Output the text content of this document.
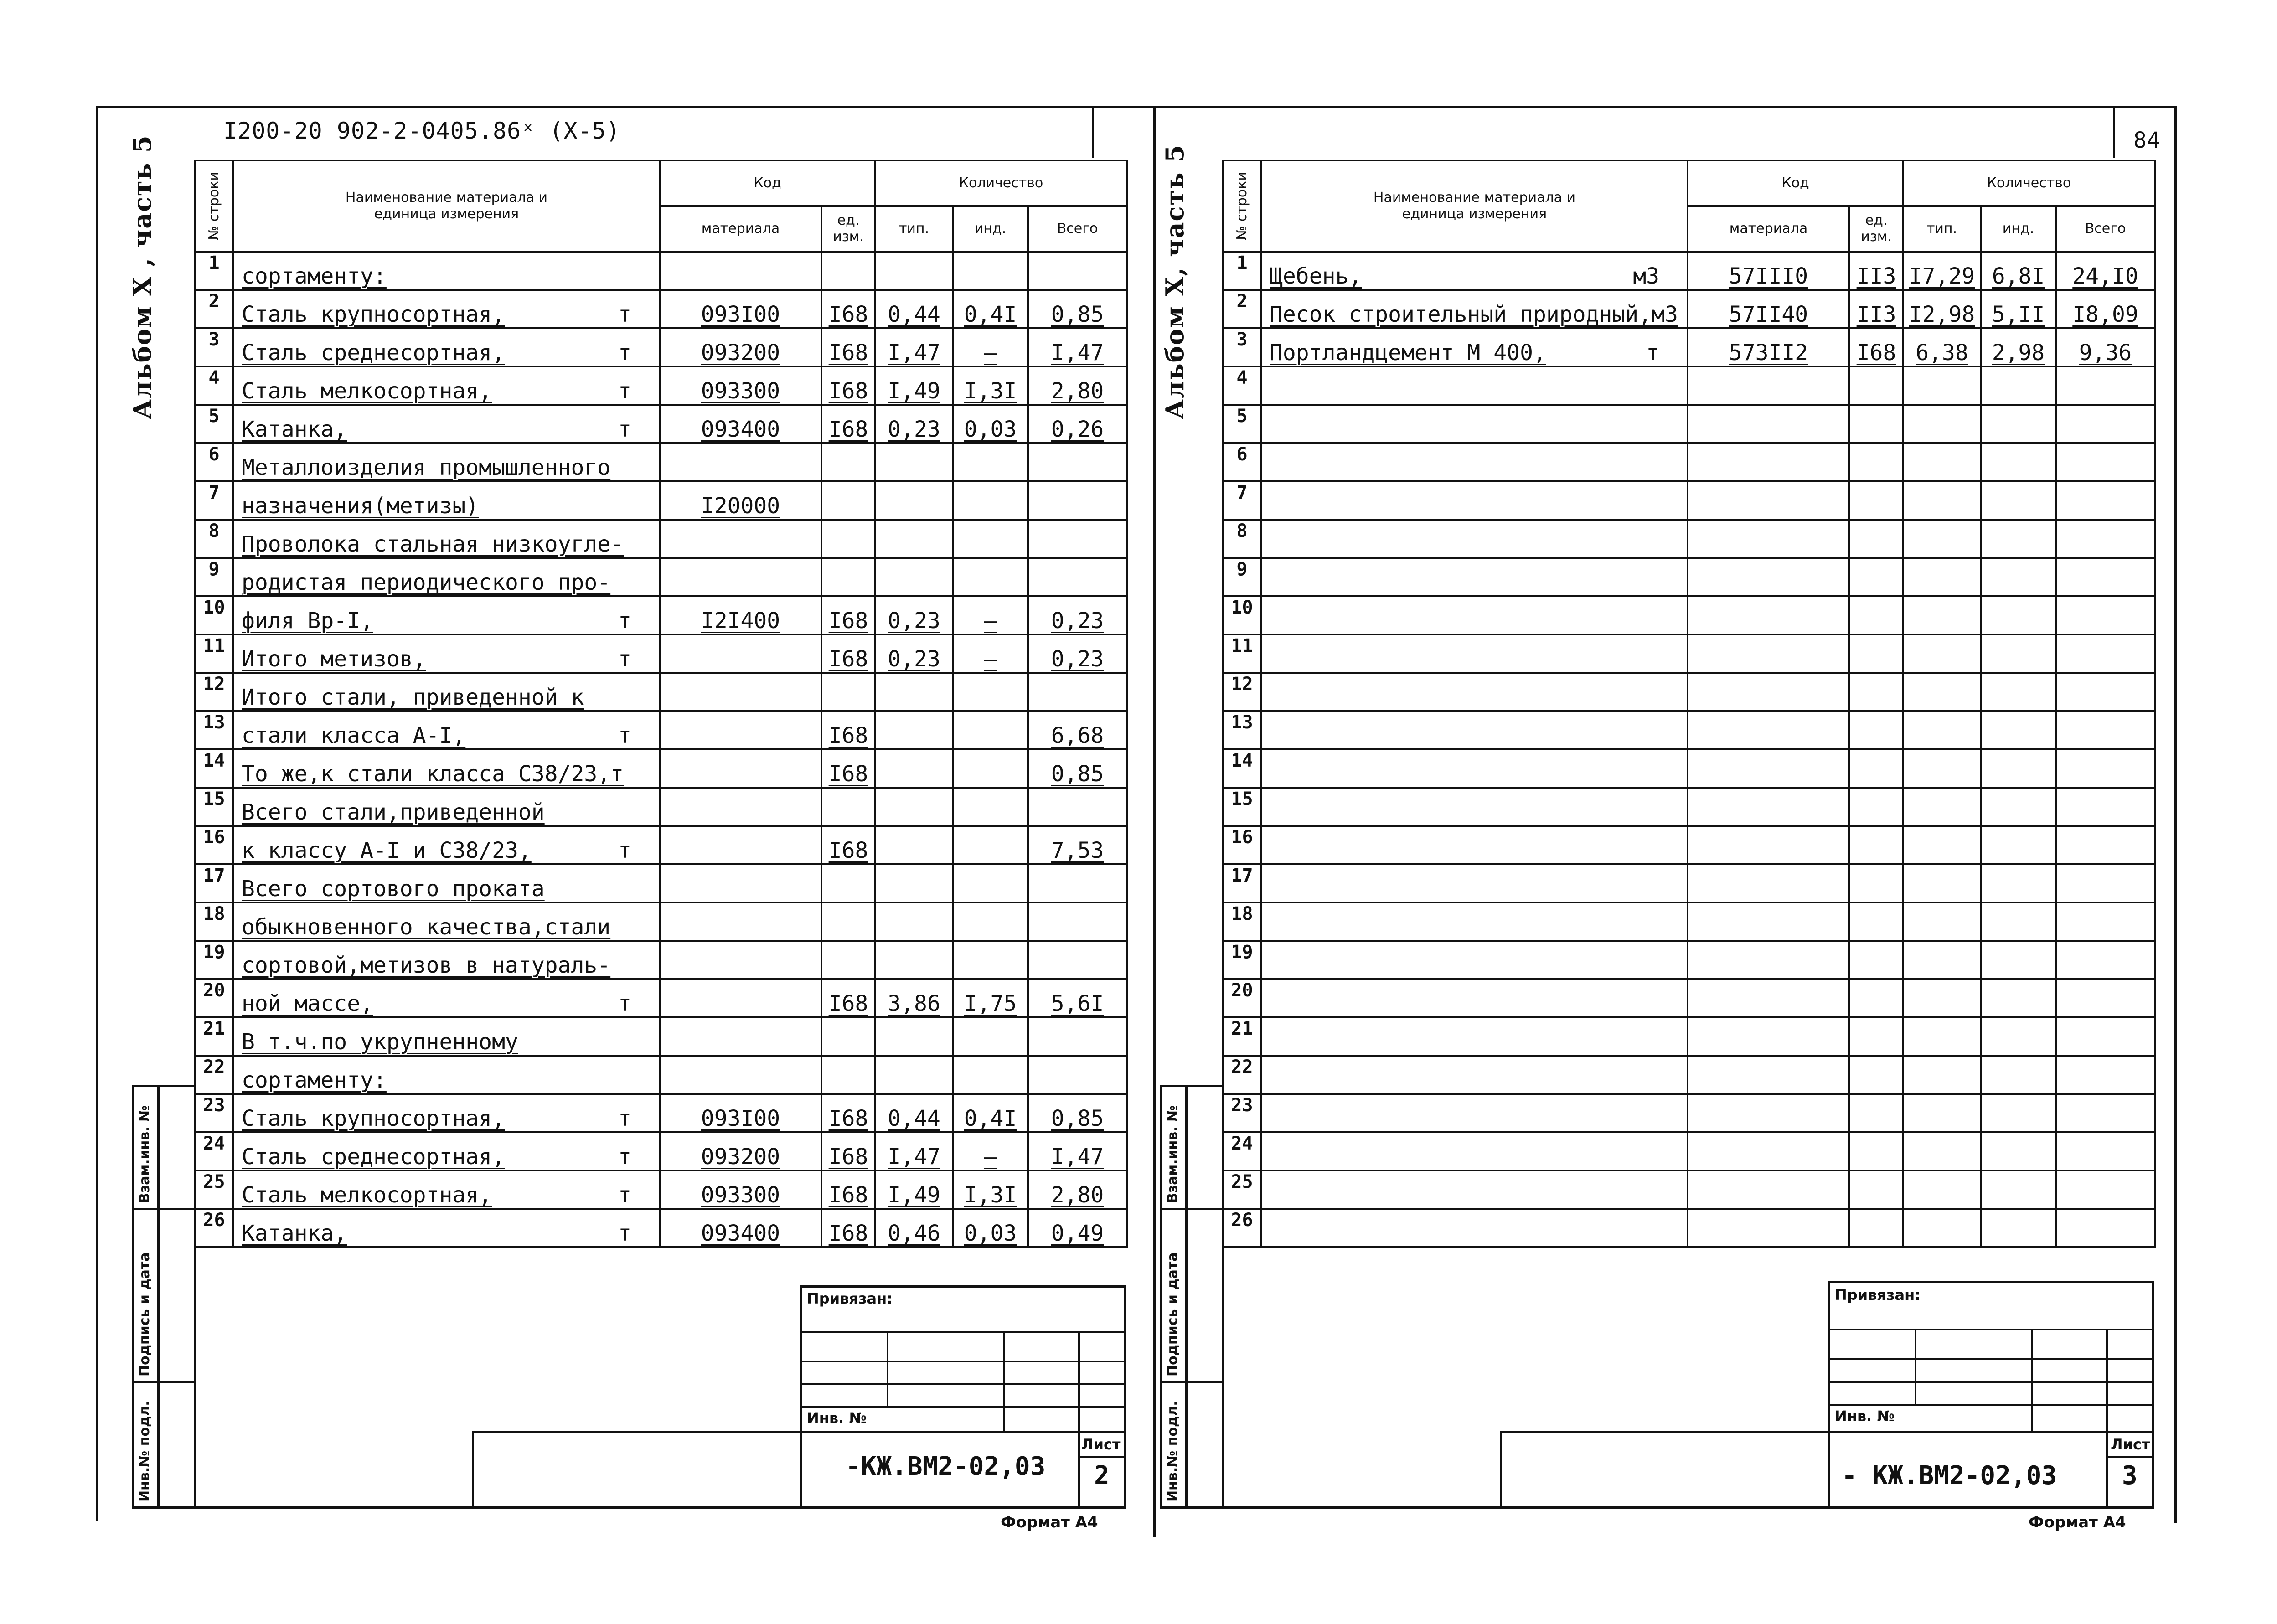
I200-20 902-2-0405.86ˣ (X-5)	84
Альбом Х , часть 5	Альбом Х, часть 5
№ строки	Наименование материала и единица измерения	Код		Количество		
		материала	ед. изм.	тип.	инд.	Всего
1	сортаменту:

2	Сталь крупносортная, т	093I00	I68	0,44	0,4I	0,85
3	Сталь среднесортная, т	093200	I68	I,47	–	I,47
4	Сталь мелкосортная, т	093300	I68	I,49	I,3I	2,80
5	Катанка, т	093400	I68	0,23	0,03	0,26
6	Металлоизделия промышленного

7	назначения(метизы)	I20000				
8	Проволока стальная низкоугле-

9	родистая периодического про-

10	филя Вр-I, т	I2I400	I68	0,23	–	0,23
11	Итого метизов, т		I68	0,23	–	0,23
12	Итого стали, приведенной к

13	стали класса А-I, т		I68			6,68
14	То же,к стали класса С38/23,т		I68			0,85
15	Всего стали,приведенной

16	к классу А-I и С38/23, т		I68			7,53
17	Всего сортового проката

18	обыкновенного качества,стали

19	сортовой,метизов в натураль-

20	ной массе, т		I68	3,86	I,75	5,6I
21	В т.ч.по укрупненному

22	сортаменту:

23	Сталь крупносортная, т	093I00	I68	0,44	0,4I	0,85
24	Сталь среднесортная, т	093200	I68	I,47	–	I,47
25	Сталь мелкосортная, т	093300	I68	I,49	I,3I	2,80
26	Катанка, т	093400	I68	0,46	0,03	0,49
№ строки	Наименование материала и единица измерения	Код		Количество		
		материала	ед. изм.	тип.	инд.	Всего
1	Щебень, м3	57III0	II3	I7,29	6,8I	24,I0
2	Песок строительный природный,м3	57II40	II3	I2,98	5,II	I8,09
3	Портландцемент М 400, т	573II2	I68	6,38	2,98	9,36
4	

5	

6	

7	

8	

9	

10	

11	

12	

13	

14	

15	

16	

17	

18	

19	

20	

21	

22	

23	

24	

25	

26	

Взам.инв. №
Подпись и дата
Инв.№ подл.
Привязан:
Инв. №
-КЖ.ВМ2-02,03
Лист
2
Формат А4
Взам.инв. №
Подпись и дата
Инв.№ подл.
Привязан:
Инв. №
- КЖ.ВМ2-02,03
Лист
3
Формат А4
